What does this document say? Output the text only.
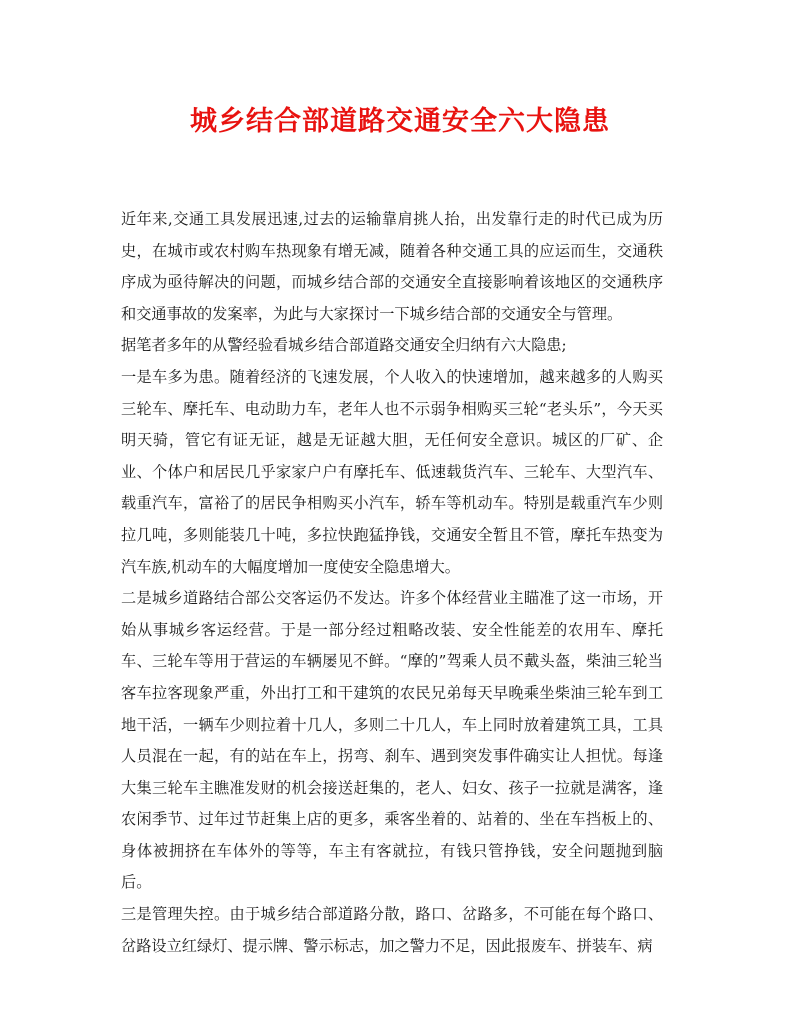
城乡结合部道路交通安全六大隐患

近年来,交通工具发展迅速,过去的运输靠肩挑人抬，出发靠行走的时代已成为历史，在城市或农村购车热现象有增无减，随着各种交通工具的应运而生，交通秩序成为亟待解决的问题，而城乡结合部的交通安全直接影响着该地区的交通秩序和交通事故的发案率，为此与大家探讨一下城乡结合部的交通安全与管理。

据笔者多年的从警经验看城乡结合部道路交通安全归纳有六大隐患;

一是车多为患。随着经济的飞速发展，个人收入的快速增加，越来越多的人购买三轮车、摩托车、电动助力车，老年人也不示弱争相购买三轮“老头乐”，今天买明天骑，管它有证无证，越是无证越大胆，无任何安全意识。城区的厂矿、企业、个体户和居民几乎家家户户有摩托车、低速载货汽车、三轮车、大型汽车、载重汽车，富裕了的居民争相购买小汽车，轿车等机动车。特别是载重汽车少则拉几吨，多则能装几十吨，多拉快跑猛挣钱，交通安全暂且不管，摩托车热变为汽车族,机动车的大幅度增加一度使安全隐患增大。

二是城乡道路结合部公交客运仍不发达。许多个体经营业主瞄准了这一市场，开始从事城乡客运经营。于是一部分经过粗略改装、安全性能差的农用车、摩托车、三轮车等用于营运的车辆屡见不鲜。“摩的”驾乘人员不戴头盔，柴油三轮当客车拉客现象严重，外出打工和干建筑的农民兄弟每天早晚乘坐柴油三轮车到工地干活，一辆车少则拉着十几人，多则二十几人，车上同时放着建筑工具，工具人员混在一起，有的站在车上，拐弯、刹车、遇到突发事件确实让人担忧。每逢大集三轮车主瞧准发财的机会接送赶集的，老人、妇女、孩子一拉就是满客，逢农闲季节、过年过节赶集上店的更多，乘客坐着的、站着的、坐在车挡板上的、身体被拥挤在车体外的等等，车主有客就拉，有钱只管挣钱，安全问题抛到脑后。

三是管理失控。由于城乡结合部道路分散，路口、岔路多，不可能在每个路口、岔路设立红绿灯、提示牌、警示标志，加之警力不足，因此报废车、拼装车、病
